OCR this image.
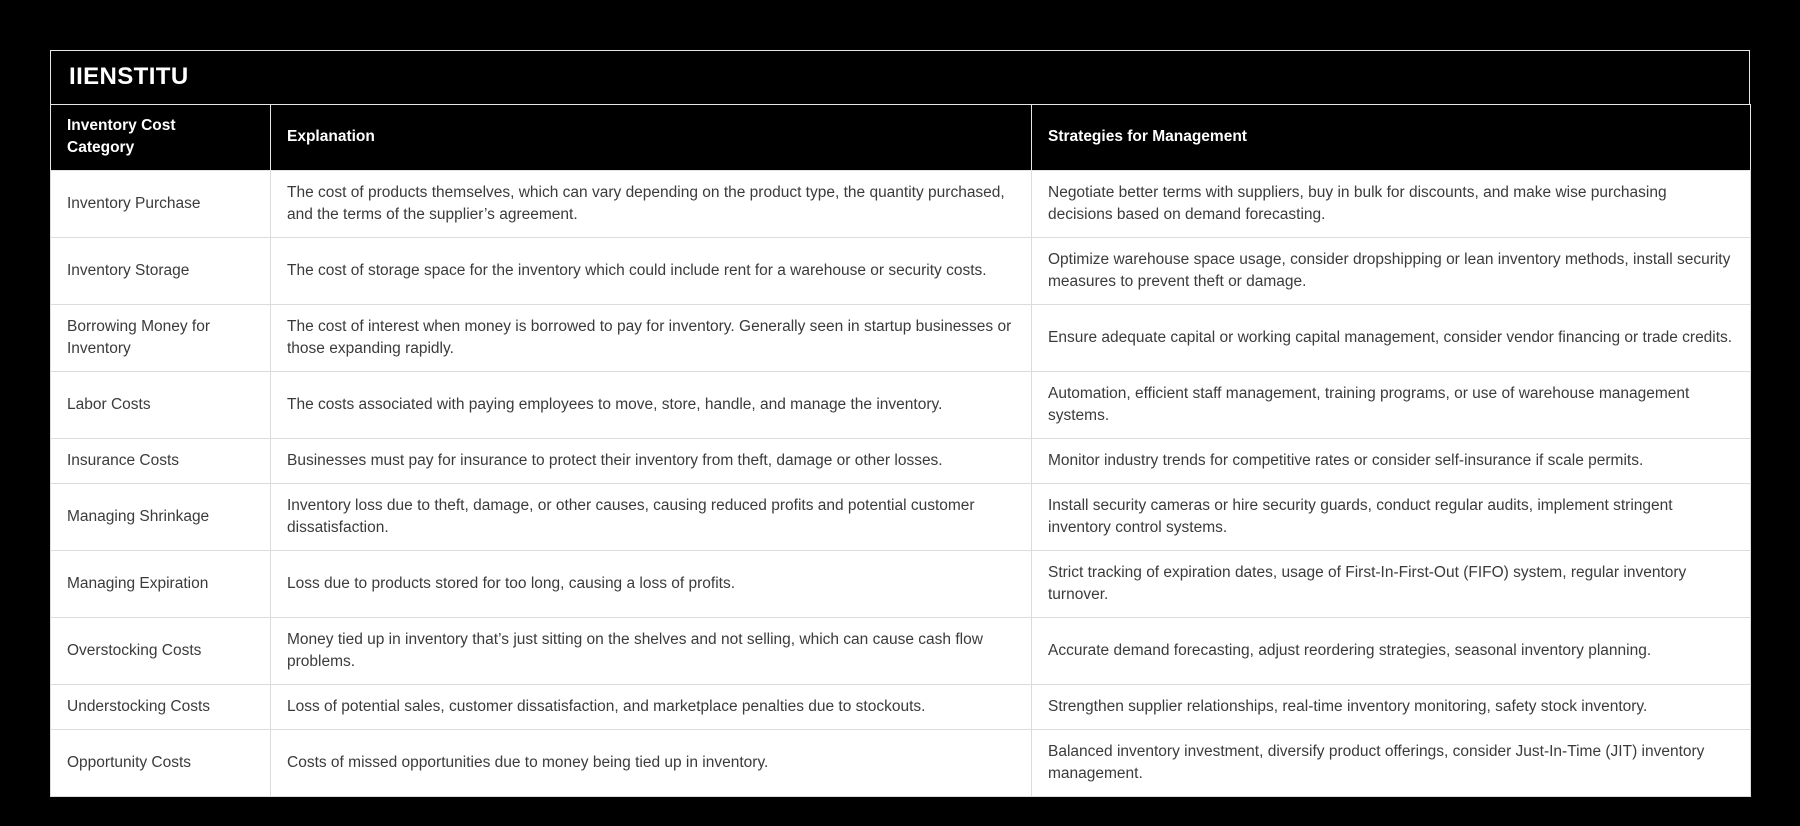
IIENSTITU
Inventory Cost Category	Explanation	Strategies for Management

Inventory Purchase	The cost of products themselves, which can vary depending on the product type, the quantity purchased, and the terms of the supplier’s agreement.	Negotiate better terms with suppliers, buy in bulk for discounts, and make wise purchasing decisions based on demand forecasting.
Inventory Storage	The cost of storage space for the inventory which could include rent for a warehouse or security costs.	Optimize warehouse space usage, consider dropshipping or lean inventory methods, install security measures to prevent theft or damage.
Borrowing Money for Inventory	The cost of interest when money is borrowed to pay for inventory. Generally seen in startup businesses or those expanding rapidly.	Ensure adequate capital or working capital management, consider vendor financing or trade credits.
Labor Costs	The costs associated with paying employees to move, store, handle, and manage the inventory.	Automation, efficient staff management, training programs, or use of warehouse management systems.
Insurance Costs	Businesses must pay for insurance to protect their inventory from theft, damage or other losses.	Monitor industry trends for competitive rates or consider self-insurance if scale permits.
Managing Shrinkage	Inventory loss due to theft, damage, or other causes, causing reduced profits and potential customer dissatisfaction.	Install security cameras or hire security guards, conduct regular audits, implement stringent inventory control systems.
Managing Expiration	Loss due to products stored for too long, causing a loss of profits.	Strict tracking of expiration dates, usage of First-In-First-Out (FIFO) system, regular inventory turnover.
Overstocking Costs	Money tied up in inventory that’s just sitting on the shelves and not selling, which can cause cash flow problems.	Accurate demand forecasting, adjust reordering strategies, seasonal inventory planning.
Understocking Costs	Loss of potential sales, customer dissatisfaction, and marketplace penalties due to stockouts.	Strengthen supplier relationships, real-time inventory monitoring, safety stock inventory.
Opportunity Costs	Costs of missed opportunities due to money being tied up in inventory.	Balanced inventory investment, diversify product offerings, consider Just-In-Time (JIT) inventory management.
